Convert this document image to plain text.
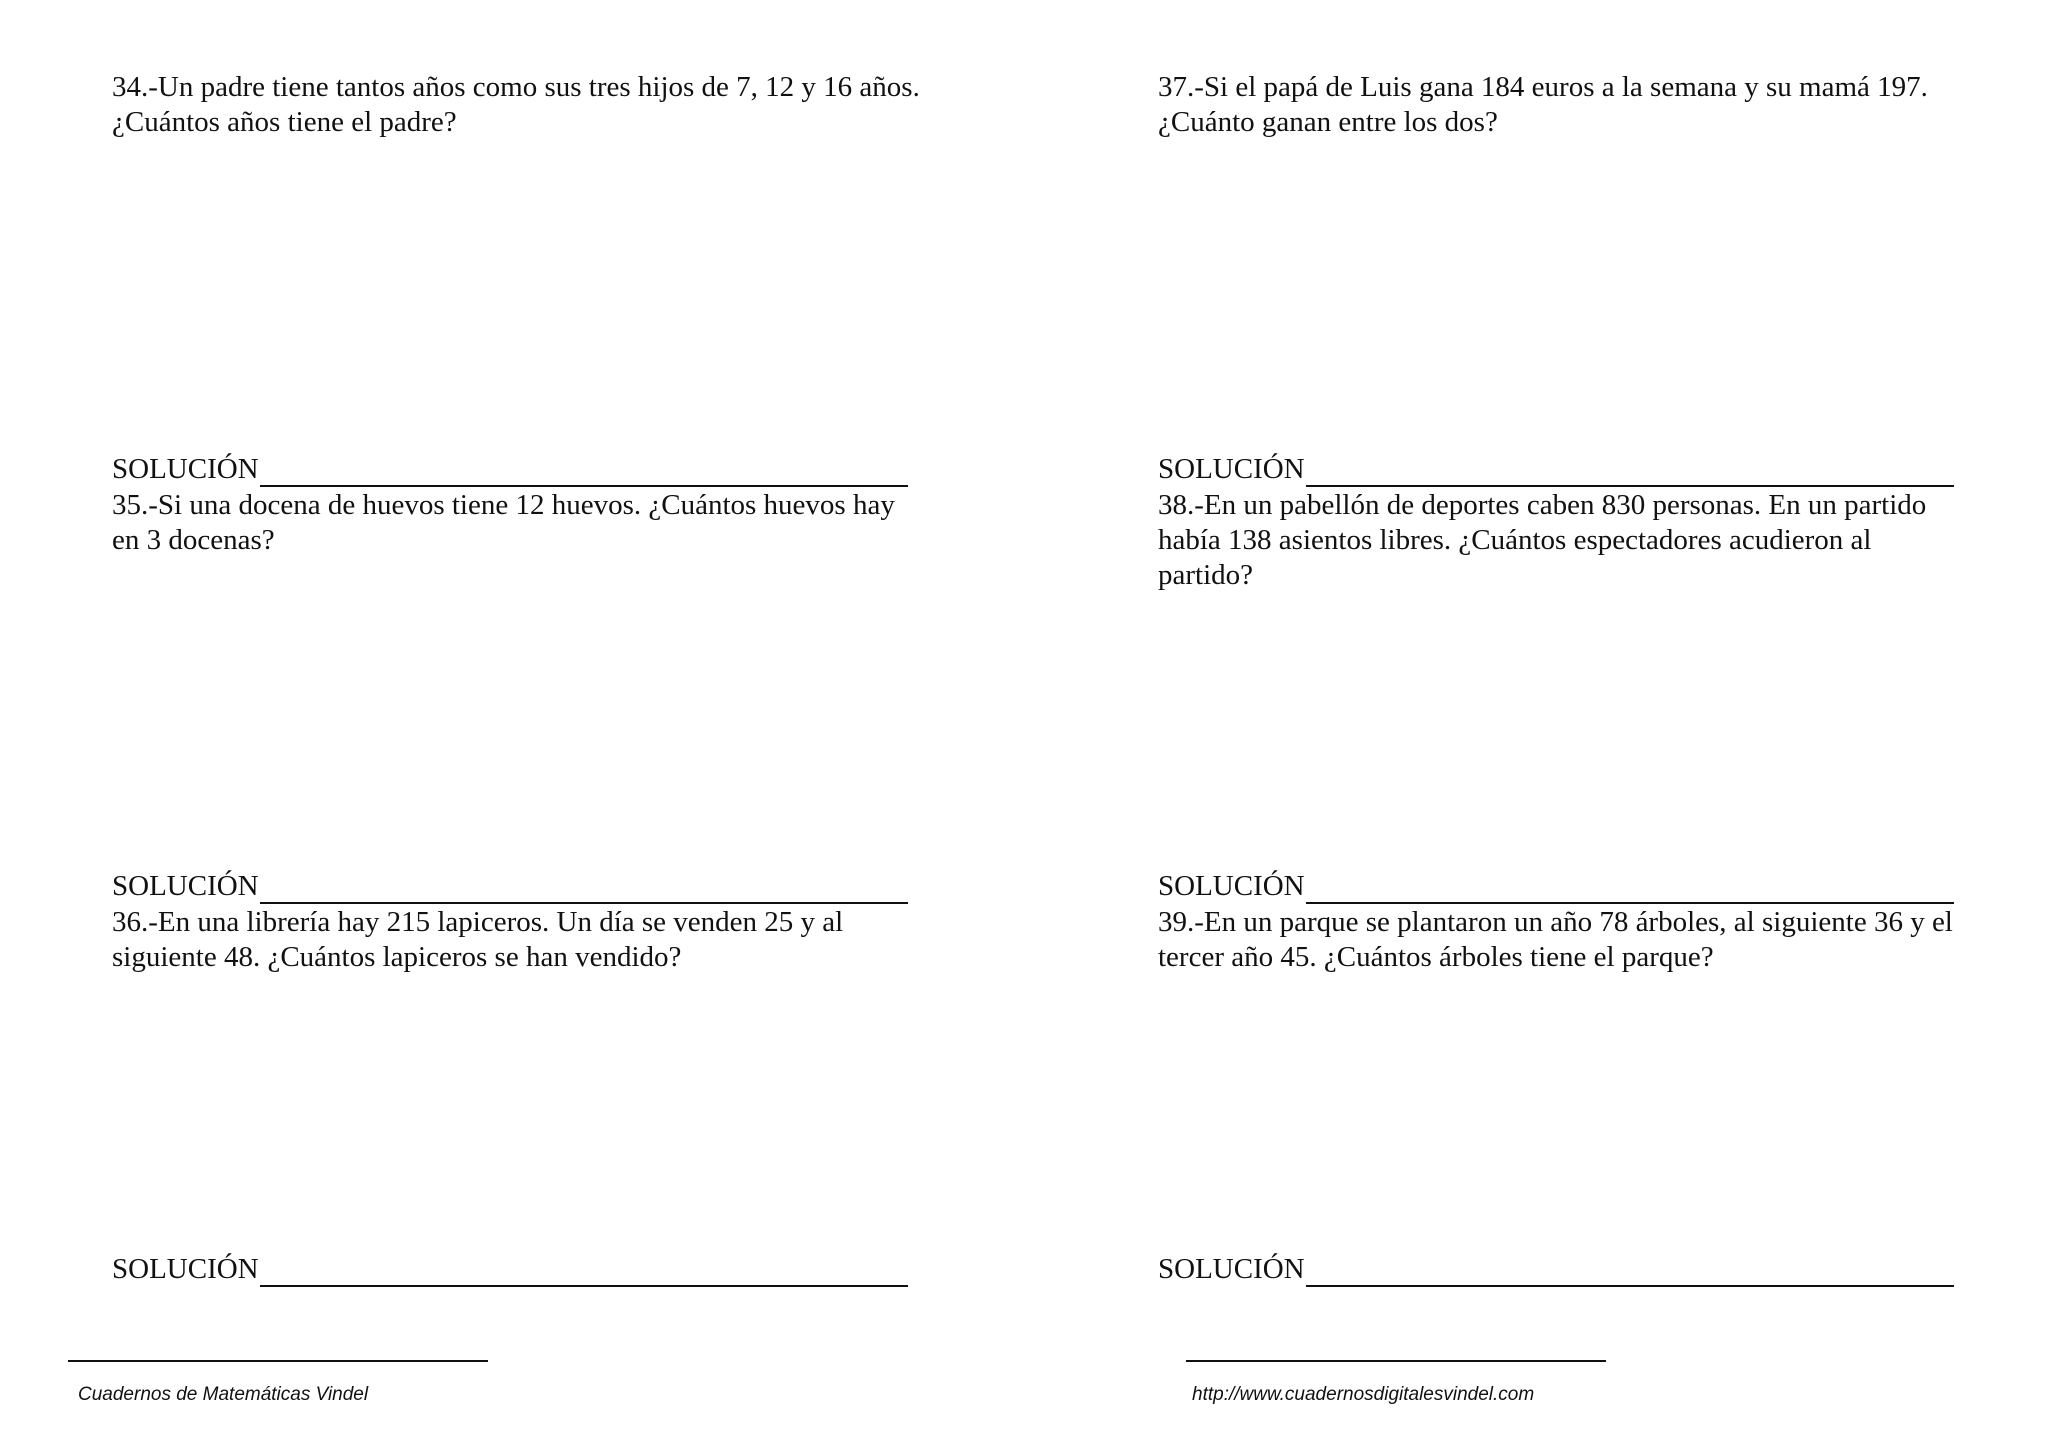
34.-Un padre tiene tantos años como sus tres hijos de 7, 12 y 16 años.
¿Cuántos años tiene el padre?
SOLUCIÓN
35.-Si una docena de huevos tiene 12 huevos. ¿Cuántos huevos hay
en 3 docenas?
SOLUCIÓN
36.-En una librería hay 215 lapiceros. Un día se venden 25 y al
siguiente 48. ¿Cuántos lapiceros se han vendido?
SOLUCIÓN
37.-Si el papá de Luis gana 184 euros a la semana y su mamá 197.
¿Cuánto ganan entre los dos?
SOLUCIÓN
38.-En un pabellón de deportes caben 830 personas. En un partido
había 138 asientos libres. ¿Cuántos espectadores acudieron al
partido?
SOLUCIÓN
39.-En un parque se plantaron un año 78 árboles, al siguiente 36 y el
tercer año 45. ¿Cuántos árboles tiene el parque?
SOLUCIÓN
Cuadernos de Matemáticas Vindel	http://www.cuadernosdigitalesvindel.com
